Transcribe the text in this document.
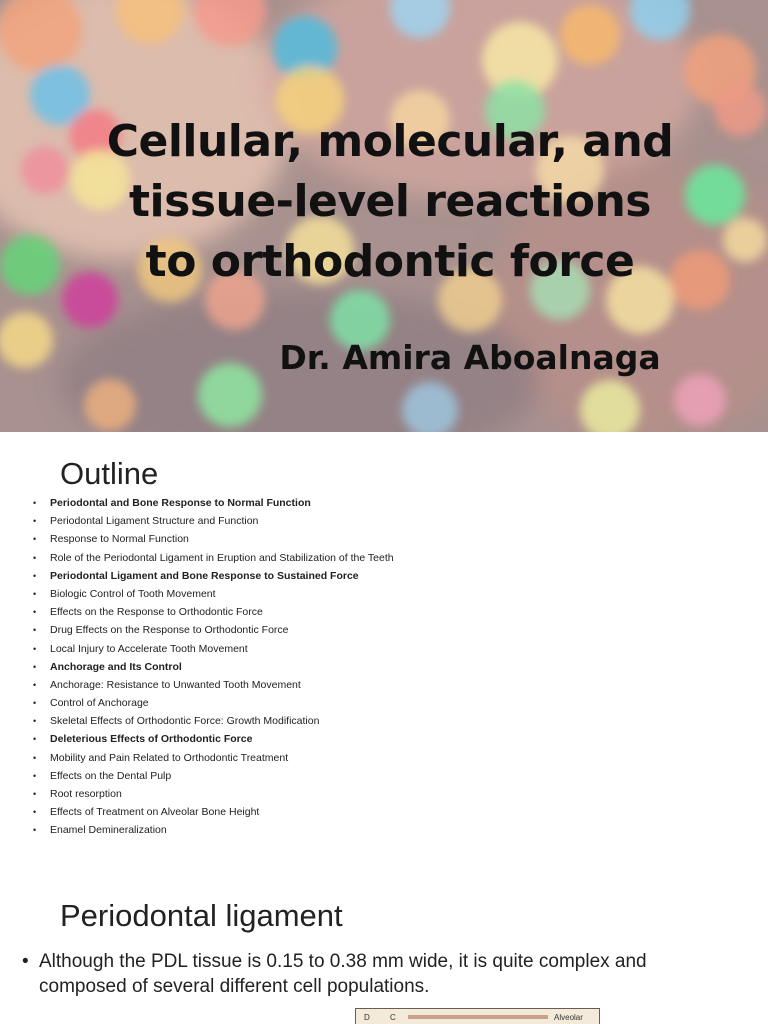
Cellular, molecular, and
tissue-level reactions
to orthodontic force
Dr. Amira Aboalnaga
Outline
• Periodontal and Bone Response to Normal Function
• Periodontal Ligament Structure and Function
• Response to Normal Function
• Role of the Periodontal Ligament in Eruption and Stabilization of the Teeth
• Periodontal Ligament and Bone Response to Sustained Force
• Biologic Control of Tooth Movement
• Effects on the Response to Orthodontic Force
• Drug Effects on the Response to Orthodontic Force
• Local Injury to Accelerate Tooth Movement
• Anchorage and Its Control
• Anchorage: Resistance to Unwanted Tooth Movement
• Control of Anchorage
• Skeletal Effects of Orthodontic Force: Growth Modification
• Deleterious Effects of Orthodontic Force
• Mobility and Pain Related to Orthodontic Treatment
• Effects on the Dental Pulp
• Root resorption
• Effects of Treatment on Alveolar Bone Height
• Enamel Demineralization
Periodontal ligament
• Although the PDL tissue is 0.15 to 0.38 mm wide, it is quite complex and composed of several different cell populations.
D	C	Alveolar
